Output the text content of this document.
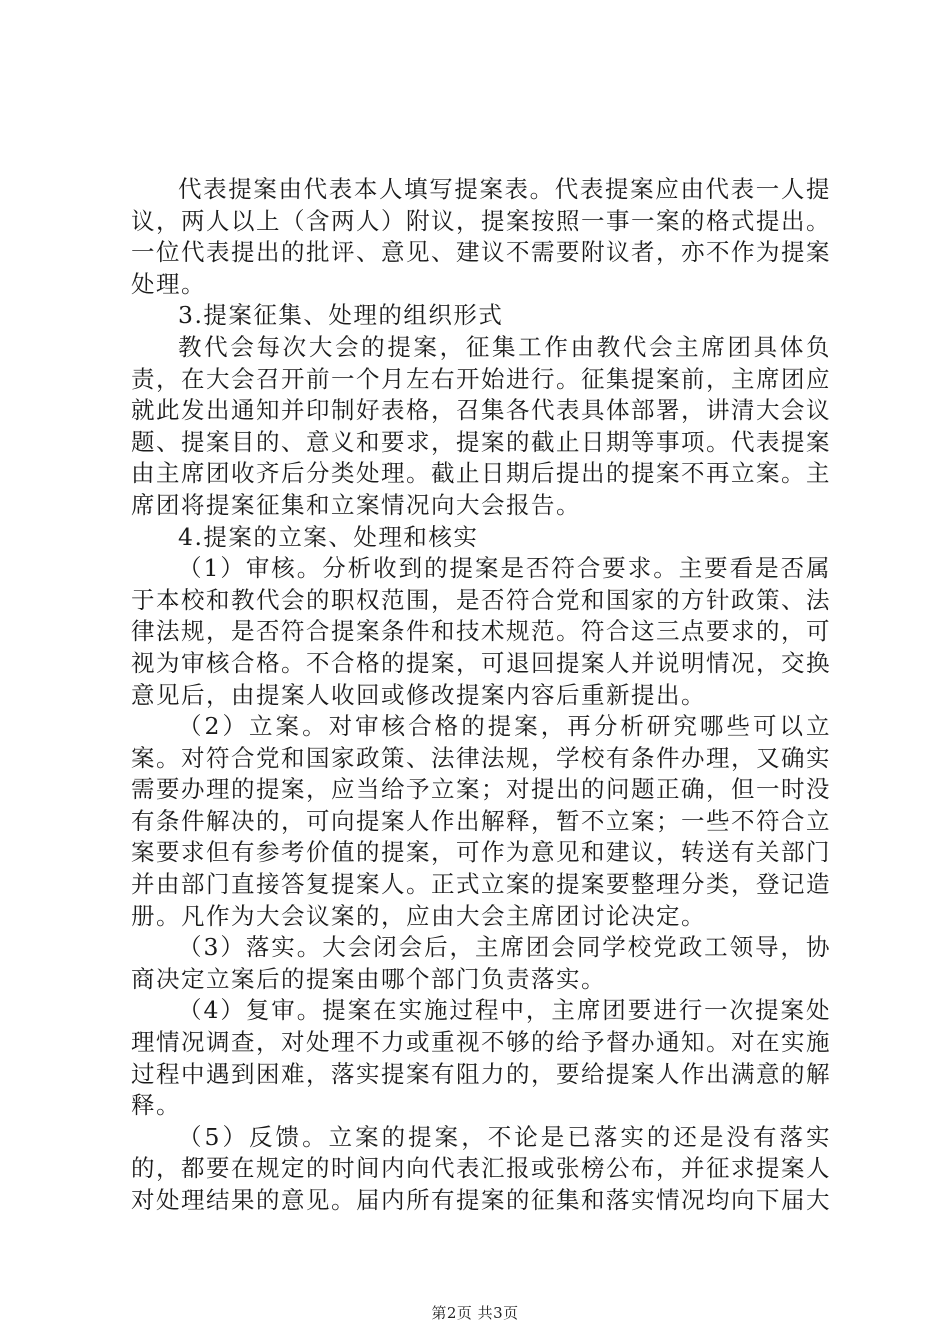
代表提案由代表本人填写提案表。代表提案应由代表一人提议，两人以上（含两人）附议，提案按照一事一案的格式提出。一位代表提出的批评、意见、建议不需要附议者，亦不作为提案处理。

3.提案征集、处理的组织形式

教代会每次大会的提案，征集工作由教代会主席团具体负责，在大会召开前一个月左右开始进行。征集提案前，主席团应就此发出通知并印制好表格，召集各代表具体部署，讲清大会议题、提案目的、意义和要求，提案的截止日期等事项。代表提案由主席团收齐后分类处理。截止日期后提出的提案不再立案。主席团将提案征集和立案情况向大会报告。

4.提案的立案、处理和核实

（1）审核。分析收到的提案是否符合要求。主要看是否属于本校和教代会的职权范围，是否符合党和国家的方针政策、法律法规，是否符合提案条件和技术规范。符合这三点要求的，可视为审核合格。不合格的提案，可退回提案人并说明情况，交换意见后，由提案人收回或修改提案内容后重新提出。

（2）立案。对审核合格的提案，再分析研究哪些可以立案。对符合党和国家政策、法律法规，学校有条件办理，又确实需要办理的提案，应当给予立案；对提出的问题正确，但一时没有条件解决的，可向提案人作出解释，暂不立案；一些不符合立案要求但有参考价值的提案，可作为意见和建议，转送有关部门并由部门直接答复提案人。正式立案的提案要整理分类，登记造册。凡作为大会议案的，应由大会主席团讨论决定。

（3）落实。大会闭会后，主席团会同学校党政工领导，协商决定立案后的提案由哪个部门负责落实。

（4）复审。提案在实施过程中，主席团要进行一次提案处理情况调查，对处理不力或重视不够的给予督办通知。对在实施过程中遇到困难，落实提案有阻力的，要给提案人作出满意的解释。

（5）反馈。立案的提案，不论是已落实的还是没有落实的，都要在规定的时间内向代表汇报或张榜公布，并征求提案人对处理结果的意见。届内所有提案的征集和落实情况均向下届大

第2页 共3页
